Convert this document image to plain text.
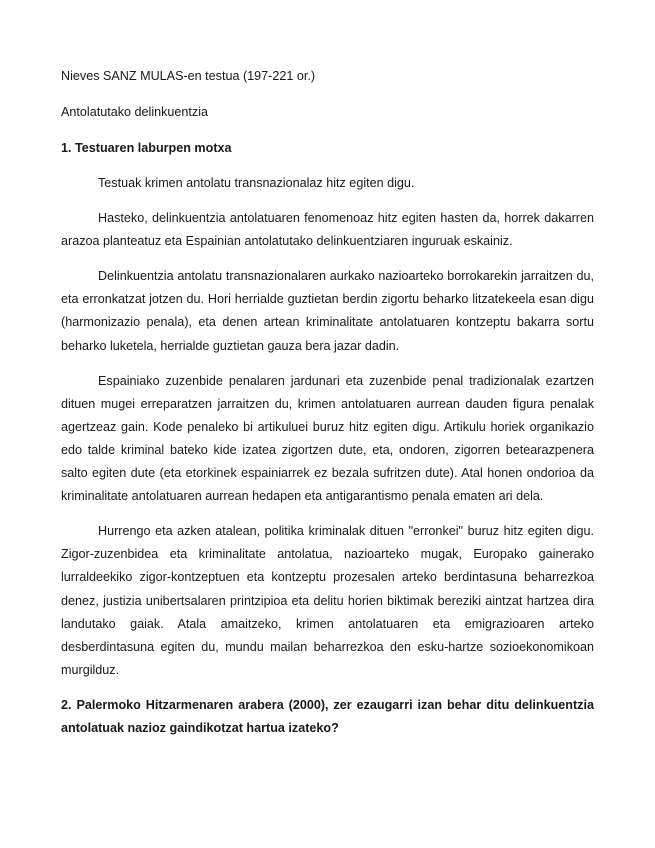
Nieves SANZ MULAS-en testua (197-221 or.)

Antolatutako delinkuentzia

1. Testuaren laburpen motxa

Testuak krimen antolatu transnazionalaz hitz egiten digu.

Hasteko, delinkuentzia antolatuaren fenomenoaz hitz egiten hasten da, horrek dakarren arazoa planteatuz eta Espainian antolatutako delinkuentziaren inguruak eskainiz.

Delinkuentzia antolatu transnazionalaren aurkako nazioarteko borrokarekin jarraitzen du, eta erronkatzat jotzen du. Hori herrialde guztietan berdin zigortu beharko litzatekeela esan digu (harmonizazio penala), eta denen artean kriminalitate antolatuaren kontzeptu bakarra sortu beharko luketela, herrialde guztietan gauza bera jazar dadin.

Espainiako zuzenbide penalaren jardunari eta zuzenbide penal tradizionalak ezartzen dituen mugei erreparatzen jarraitzen du, krimen antolatuaren aurrean dauden figura penalak agertzeaz gain. Kode penaleko bi artikuluei buruz hitz egiten digu. Artikulu horiek organikazio edo talde kriminal bateko kide izatea zigortzen dute, eta, ondoren, zigorren betearazpenera salto egiten dute (eta etorkinek espainiarrek ez bezala sufritzen dute). Atal honen ondorioa da kriminalitate antolatuaren aurrean hedapen eta antigarantismo penala ematen ari dela.

Hurrengo eta azken atalean, politika kriminalak dituen "erronkei" buruz hitz egiten digu. Zigor-zuzenbidea eta kriminalitate antolatua, nazioarteko mugak, Europako gainerako lurraldeekiko zigor-kontzeptuen eta kontzeptu prozesalen arteko berdintasuna beharrezkoa denez, justizia unibertsalaren printzipioa eta delitu horien biktimak bereziki aintzat hartzea dira landutako gaiak. Atala amaitzeko, krimen antolatuaren eta emigrazioaren arteko desberdintasuna egiten du, mundu mailan beharrezkoa den esku-hartze sozioekonomikoan murgilduz.

2. Palermoko Hitzarmenaren arabera (2000), zer ezaugarri izan behar ditu delinkuentzia antolatuak nazioz gaindikotzat hartua izateko?
